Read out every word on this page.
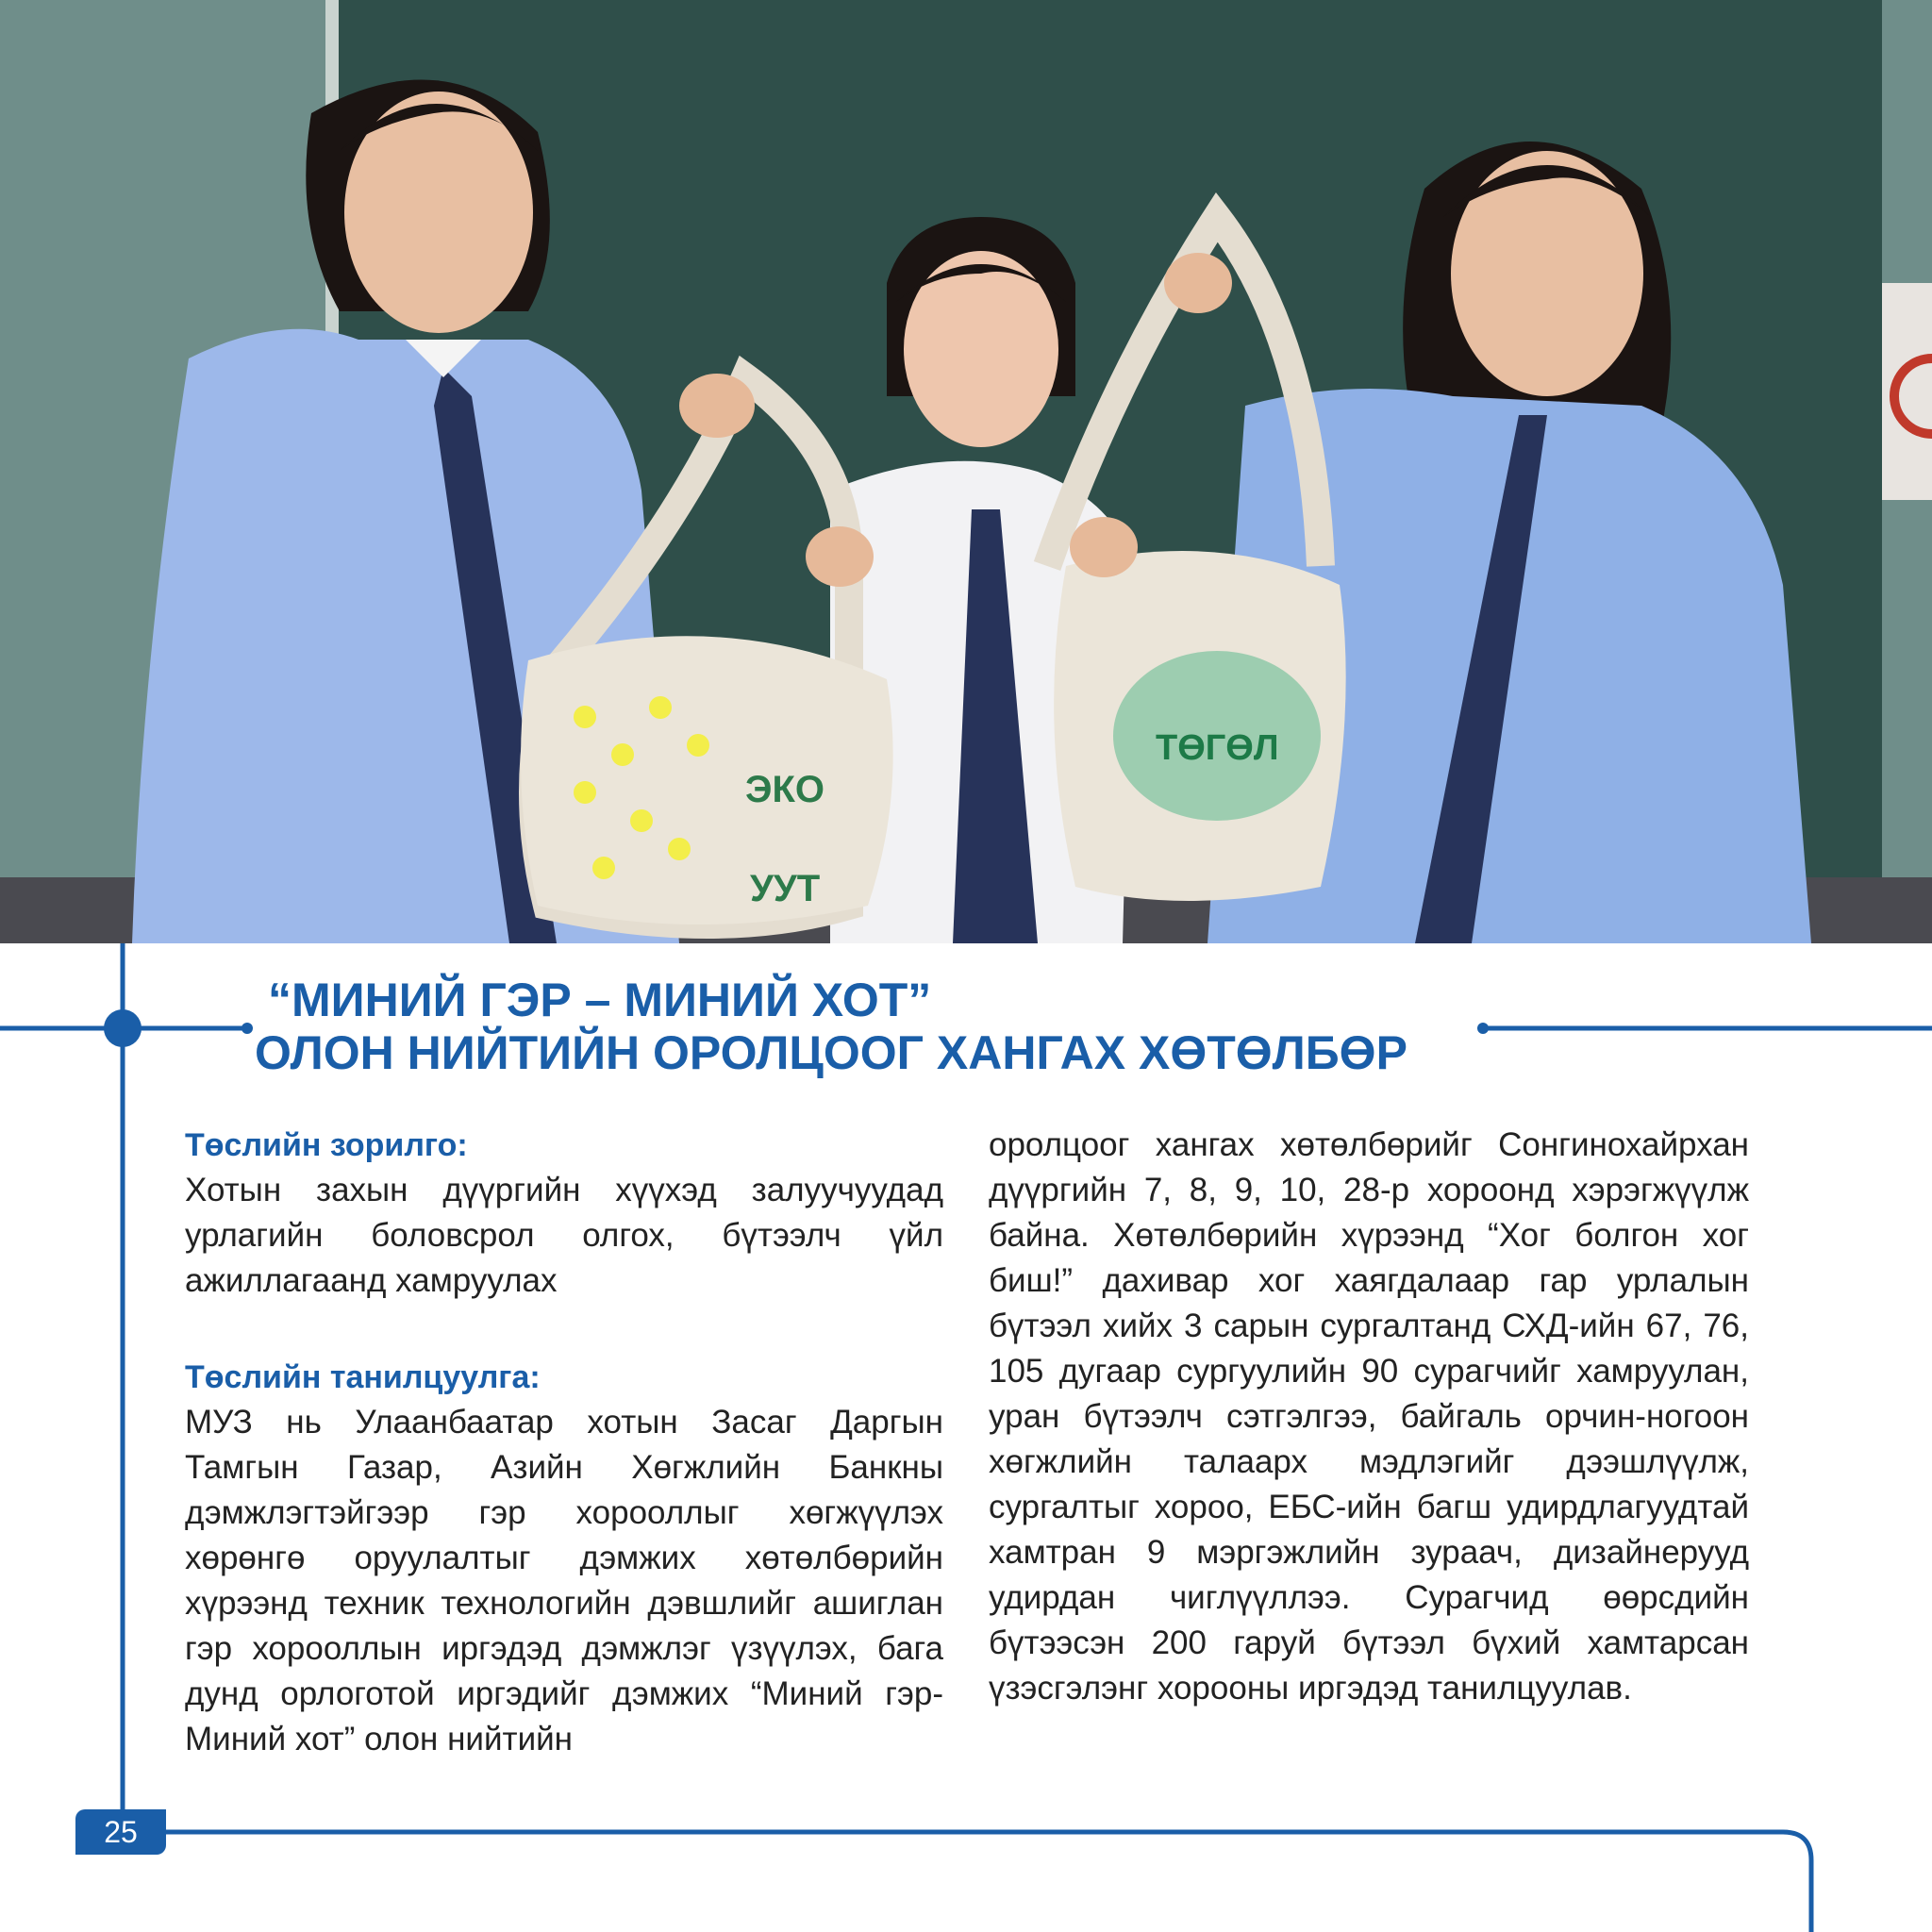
ЭКО
УУТ
ТӨГӨЛ
“МИНИЙ ГЭР – МИНИЙ ХОТ”
ОЛОН НИЙТИЙН ОРОЛЦООГ ХАНГАХ ХӨТӨЛБӨР
Төслийн зорилго:

Хотын захын дүүргийн хүүхэд залуучуудад урлагийн боловсрол олгох, бүтээлч үйл ажиллагаанд хамруулах

Төслийн танилцуулга:

МУЗ нь Улаанбаатар хотын Засаг Даргын Тамгын Газар, Азийн Хөгжлийн Банкны дэмжлэгтэйгээр гэр хорооллыг хөгжүүлэх хөрөнгө оруулалтыг дэмжих хөтөлбөрийн хүрээнд техник технологийн дэвшлийг ашиглан гэр хорооллын иргэдэд дэмжлэг үзүүлэх, бага дунд орлоготой иргэдийг дэмжих “Миний гэр-Миний хот” олон нийтийн

оролцоог хангах хөтөлбөрийг Сонгинохайрхан дүүргийн 7, 8, 9, 10, 28-р хороонд хэрэгжүүлж байна. Хөтөлбөрийн хүрээнд “Хог болгон хог биш!” дахивар хог хаягдалаар гар урлалын бүтээл хийх 3 сарын сургалтанд СХД-ийн 67, 76, 105 дугаар сургуулийн 90 сурагчийг хамруулан, уран бүтээлч сэтгэлгээ, байгаль орчин-ногоон хөгжлийн талаарх мэдлэгийг дээшлүүлж, сургалтыг хороо, ЕБС-ийн багш удирдлагуудтай хамтран 9 мэргэжлийн зураач, дизайнерууд удирдан чиглүүллээ. Сурагчид өөрсдийн бүтээсэн 200 гаруй бүтээл бүхий хамтарсан үзэсгэлэнг хорооны иргэдэд танилцуулав.

25
